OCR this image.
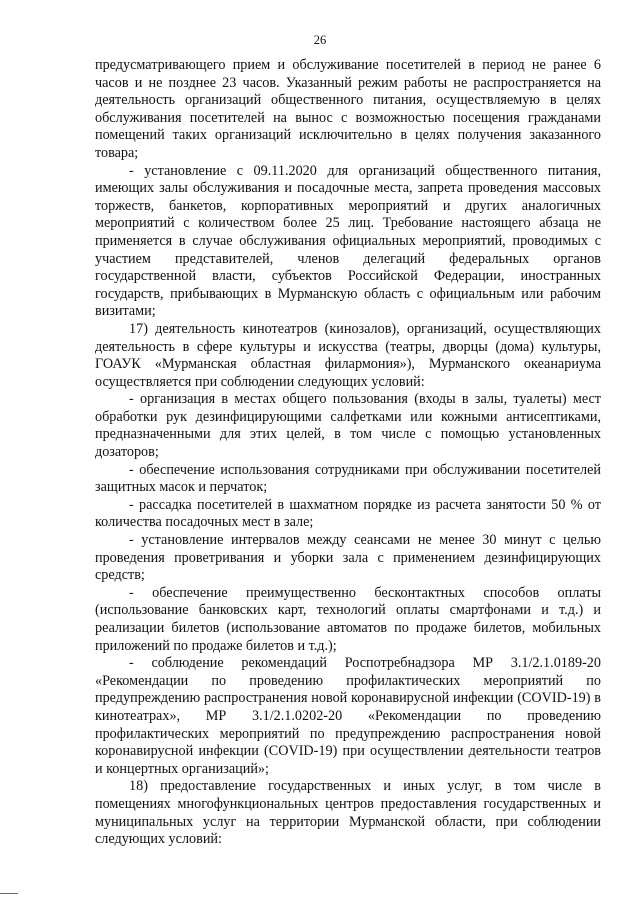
26

предусматривающего прием и обслуживание посетителей в период не ранее 6 часов и не позднее 23 часов. Указанный режим работы не распространяется на деятельность организаций общественного питания, осуществляемую в целях обслуживания посетителей на вынос с возможностью посещения гражданами помещений таких организаций исключительно в целях получения заказанного товара;

- установление с 09.11.2020 для организаций общественного питания, имеющих залы обслуживания и посадочные места, запрета проведения массовых торжеств, банкетов, корпоративных мероприятий и других аналогичных мероприятий с количеством более 25 лиц. Требование настоящего абзаца не применяется в случае обслуживания официальных мероприятий, проводимых с участием представителей, членов делегаций федеральных органов государственной власти, субъектов Российской Федерации, иностранных государств, прибывающих в Мурманскую область с официальным или рабочим визитами;

17) деятельность кинотеатров (кинозалов), организаций, осуществляющих деятельность в сфере культуры и искусства (театры, дворцы (дома) культуры, ГОАУК «Мурманская областная филармония»), Мурманского океанариума осуществляется при соблюдении следующих условий:

- организация в местах общего пользования (входы в залы, туалеты) мест обработки рук дезинфицирующими салфетками или кожными антисептиками, предназначенными для этих целей, в том числе с помощью установленных дозаторов;

- обеспечение использования сотрудниками при обслуживании посетителей защитных масок и перчаток;

- рассадка посетителей в шахматном порядке из расчета занятости 50 % от количества посадочных мест в зале;

- установление интервалов между сеансами не менее 30 минут с целью проведения проветривания и уборки зала с применением дезинфицирующих средств;

- обеспечение преимущественно бесконтактных способов оплаты (использование банковских карт, технологий оплаты смартфонами и т.д.) и реализации билетов (использование автоматов по продаже билетов, мобильных приложений по продаже билетов и т.д.);

- соблюдение рекомендаций Роспотребнадзора МР 3.1/2.1.0189-20 «Рекомендации по проведению профилактических мероприятий по предупреждению распространения новой коронавирусной инфекции (COVID-19) в кинотеатрах», МР 3.1/2.1.0202-20 «Рекомендации по проведению профилактических мероприятий по предупреждению распространения новой коронавирусной инфекции (COVID-19) при осуществлении деятельности театров и концертных организаций»;

18) предоставление государственных и иных услуг, в том числе в помещениях многофункциональных центров предоставления государственных и муниципальных услуг на территории Мурманской области, при соблюдении следующих условий:
